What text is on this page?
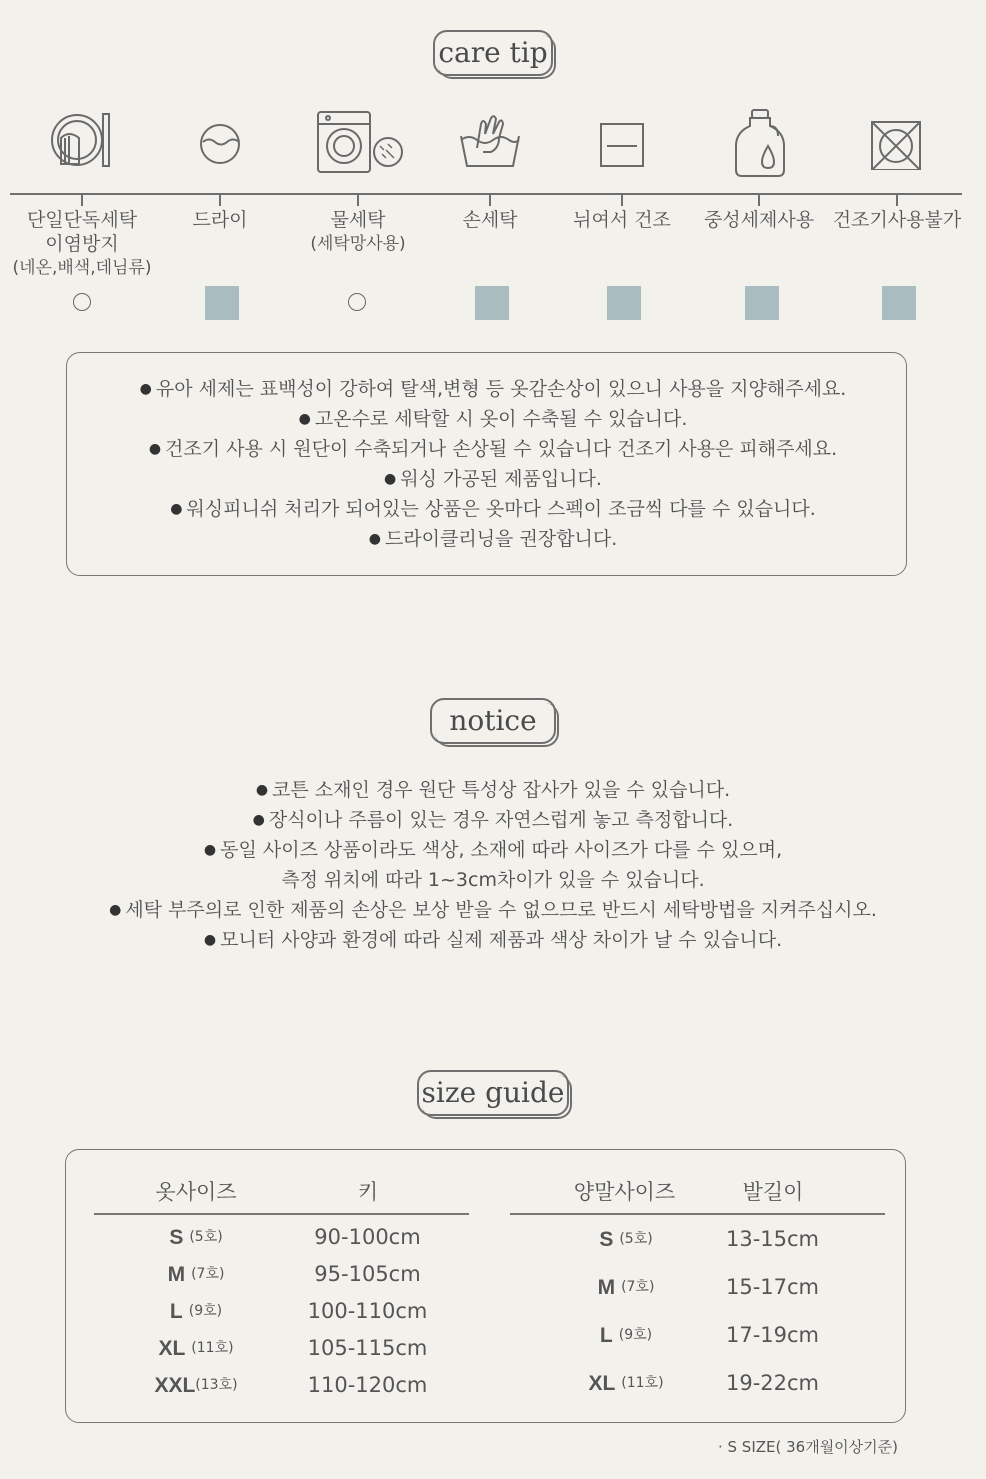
care tip
단일단독세탁
이염방지
(네온,배색,데님류)
드라이	물세탁
(세탁망사용)
손세탁	뉘여서 건조	중성세제사용 건조기사용불가

● 유아 세제는 표백성이 강하여 탈색,변형 등 옷감손상이 있으니 사용을 지양해주세요.

● 고온수로 세탁할 시 옷이 수축될 수 있습니다.

● 건조기 사용 시 원단이 수축되거나 손상될 수 있습니다 건조기 사용은 피해주세요.

● 워싱 가공된 제품입니다.

● 워싱피니쉬 처리가 되어있는 상품은 옷마다 스펙이 조금씩 다를 수 있습니다.

● 드라이클리닝을 권장합니다.

notice

● 코튼 소재인 경우 원단 특성상 잡사가 있을 수 있습니다.

● 장식이나 주름이 있는 경우 자연스럽게 놓고 측정합니다.

● 동일 사이즈 상품이라도 색상, 소재에 따라 사이즈가 다를 수 있으며,

측정 위치에 따라 1~3cm차이가 있을 수 있습니다.

● 세탁 부주의로 인한 제품의 손상은 보상 받을 수 없으므로 반드시 세탁방법을 지켜주십시오.

● 모니터 사양과 환경에 따라 실제 제품과 색상 차이가 날 수 있습니다.

size guide
옷사이즈	키	양말사이즈	발길이
S (5호)	90-100cm
M (7호)	95-105cm
L (9호)	100-110cm
XL (11호)	105-115cm
XXL(13호)	110-120cm
S (5호)	13-15cm
M (7호)	15-17cm
L (9호)	17-19cm
XL (11호)	19-22cm
· S SIZE( 36개월이상기준)
